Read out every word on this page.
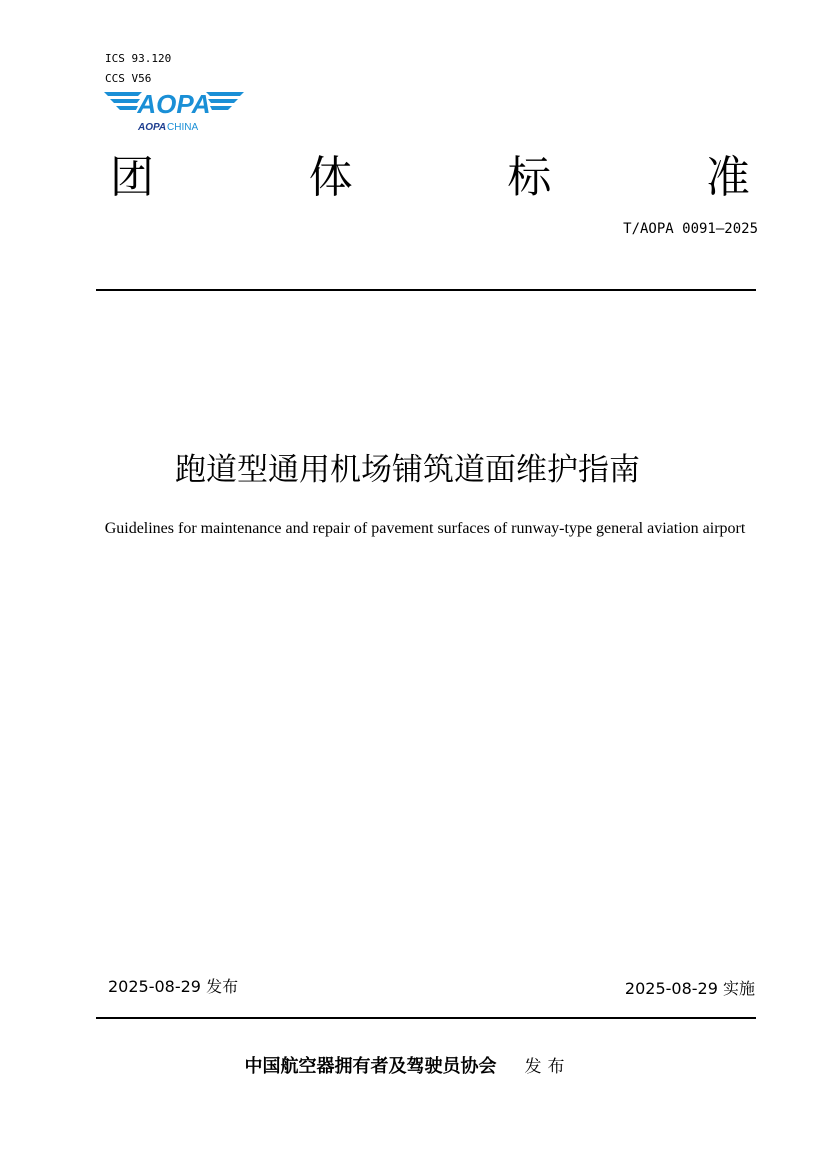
ICS 93.120
CCS V56
AOPA
AOPA CHINA
团	体	标	准
T/AOPA 0091—2025
跑道型通用机场铺筑道面维护指南
Guidelines for maintenance and repair of pavement surfaces of runway-type general aviation airport
2025-08-29 发布	2025-08-29 实施
中国航空器拥有者及驾驶员协会 发布
